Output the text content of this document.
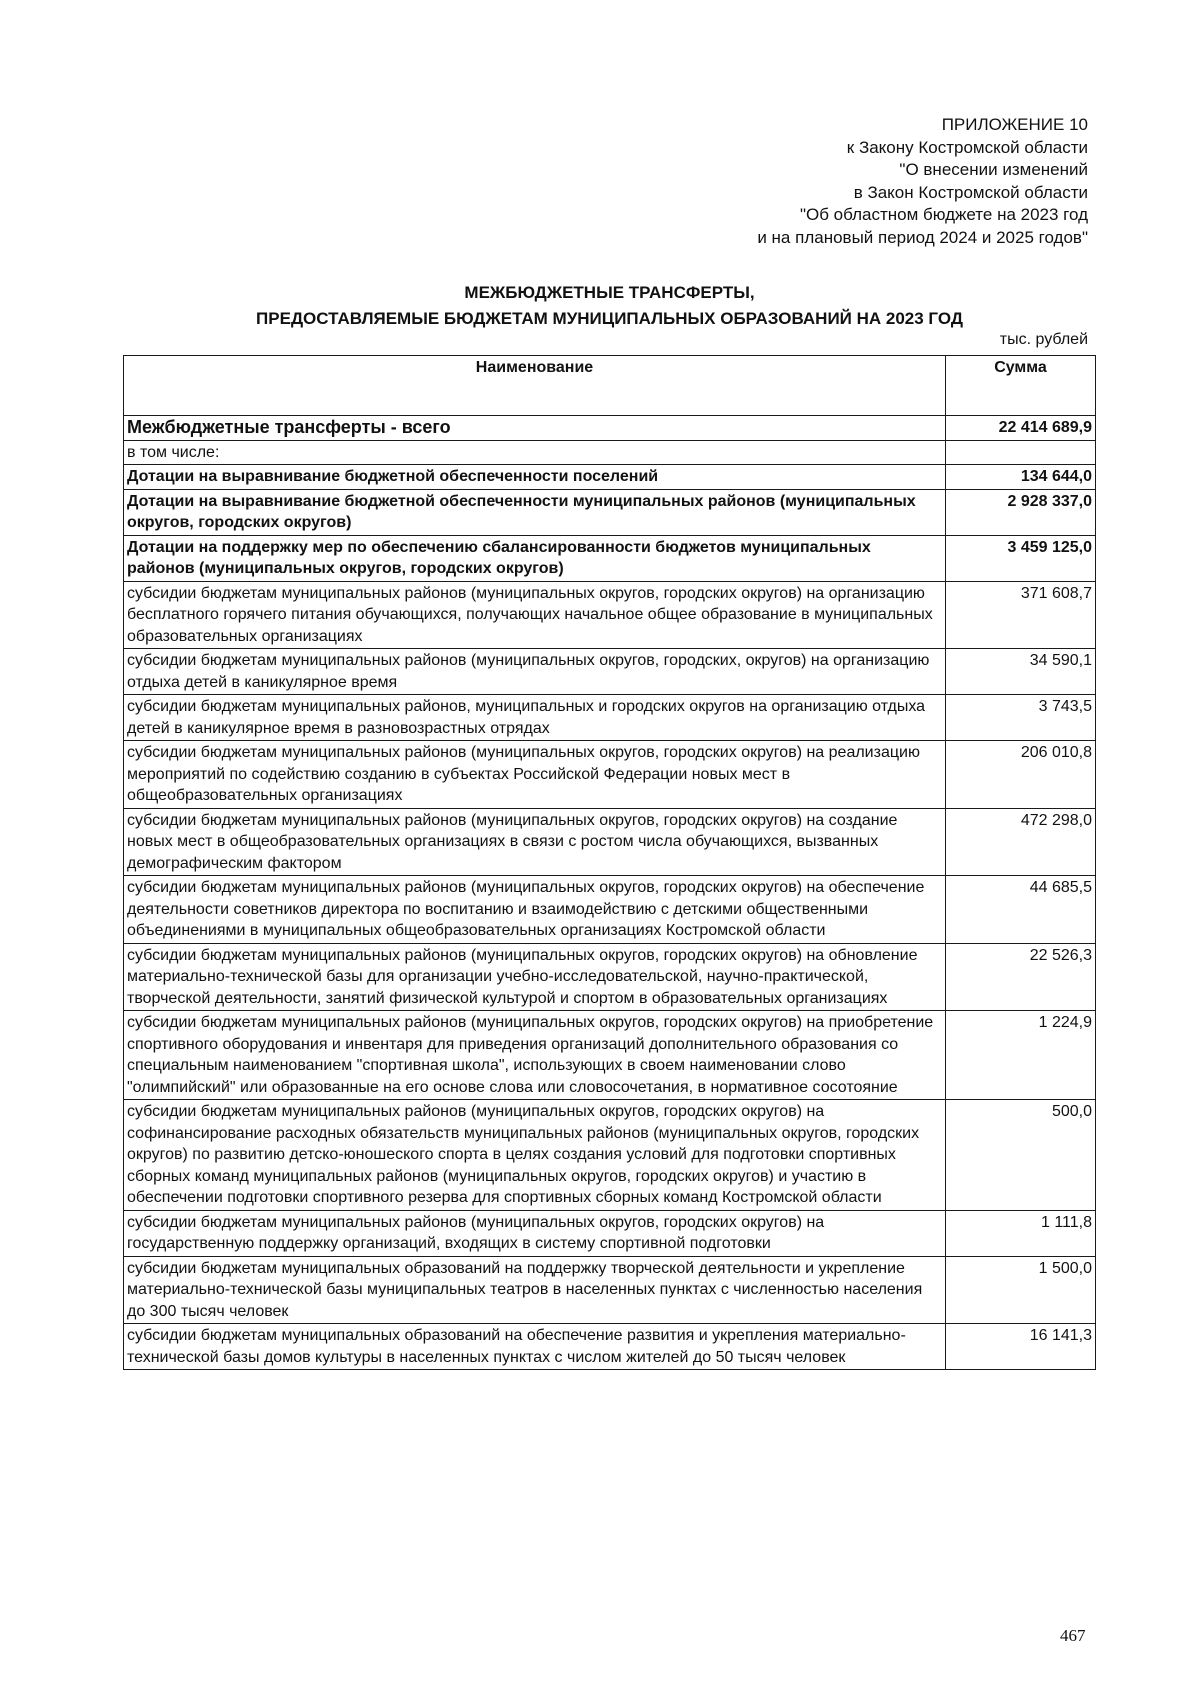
ПРИЛОЖЕНИЕ 10
к Закону Костромской области
"О внесении изменений
в Закон Костромской области
"Об областном бюджете на 2023 год
и на плановый период 2024 и 2025 годов"
МЕЖБЮДЖЕТНЫЕ ТРАНСФЕРТЫ,
ПРЕДОСТАВЛЯЕМЫЕ БЮДЖЕТАМ МУНИЦИПАЛЬНЫХ ОБРАЗОВАНИЙ НА 2023 ГОД
тыс. рублей
Наименование	Сумма
Межбюджетные трансферты - всего	22 414 689,9
в том числе:	
Дотации на выравнивание бюджетной обеспеченности поселений	134 644,0
Дотации на выравнивание бюджетной обеспеченности муниципальных районов (муниципальных округов, городских округов)	2 928 337,0
Дотации на поддержку мер по обеспечению сбалансированности бюджетов муниципальных районов (муниципальных округов, городских округов)	3 459 125,0
субсидии бюджетам муниципальных районов (муниципальных округов, городских округов) на организацию бесплатного горячего питания обучающихся, получающих начальное общее образование в муниципальных образовательных организациях	371 608,7
субсидии бюджетам муниципальных районов (муниципальных округов, городских, округов) на организацию отдыха детей в каникулярное время	34 590,1
субсидии бюджетам муниципальных районов, муниципальных и городских округов на организацию отдыха детей в каникулярное время в разновозрастных отрядах	3 743,5
субсидии бюджетам муниципальных районов (муниципальных округов, городских округов) на реализацию мероприятий по содействию созданию в субъектах Российской Федерации новых мест в общеобразовательных организациях	206 010,8
субсидии бюджетам муниципальных районов (муниципальных округов, городских округов) на создание новых мест в общеобразовательных организациях в связи с ростом числа обучающихся, вызванных демографическим фактором	472 298,0
субсидии бюджетам муниципальных районов (муниципальных округов, городских округов) на обеспечение деятельности советников директора по воспитанию и взаимодействию с детскими общественными объединениями в муниципальных общеобразовательных организациях Костромской области	44 685,5
субсидии бюджетам муниципальных районов (муниципальных округов, городских округов) на обновление материально-технической базы для организации учебно-исследовательской, научно-практической, творческой деятельности, занятий физической культурой и спортом в образовательных организациях	22 526,3
субсидии бюджетам муниципальных районов (муниципальных округов, городских округов) на приобретение спортивного оборудования и инвентаря для приведения организаций дополнительного образования со специальным наименованием "спортивная школа", использующих в своем наименовании слово "олимпийский" или образованные на его основе слова или словосочетания, в нормативное сосотояние	1 224,9
субсидии бюджетам муниципальных районов (муниципальных округов, городских округов) на софинансирование расходных обязательств муниципальных районов (муниципальных округов, городских округов) по развитию детско-юношеского спорта в целях создания условий для подготовки спортивных сборных команд муниципальных районов (муниципальных округов, городских округов) и участию в обеспечении подготовки спортивного резерва для спортивных сборных команд Костромской области	500,0
субсидии бюджетам муниципальных районов (муниципальных округов, городских округов) на государственную поддержку организаций, входящих в систему спортивной подготовки	1 111,8
субсидии бюджетам муниципальных образований на поддержку творческой деятельности и укрепление материально-технической базы муниципальных театров в населенных пунктах с численностью населения до 300 тысяч человек	1 500,0
субсидии бюджетам муниципальных образований на обеспечение развития и укрепления материально-технической базы домов культуры в населенных пунктах с числом жителей до 50 тысяч человек	16 141,3
467
